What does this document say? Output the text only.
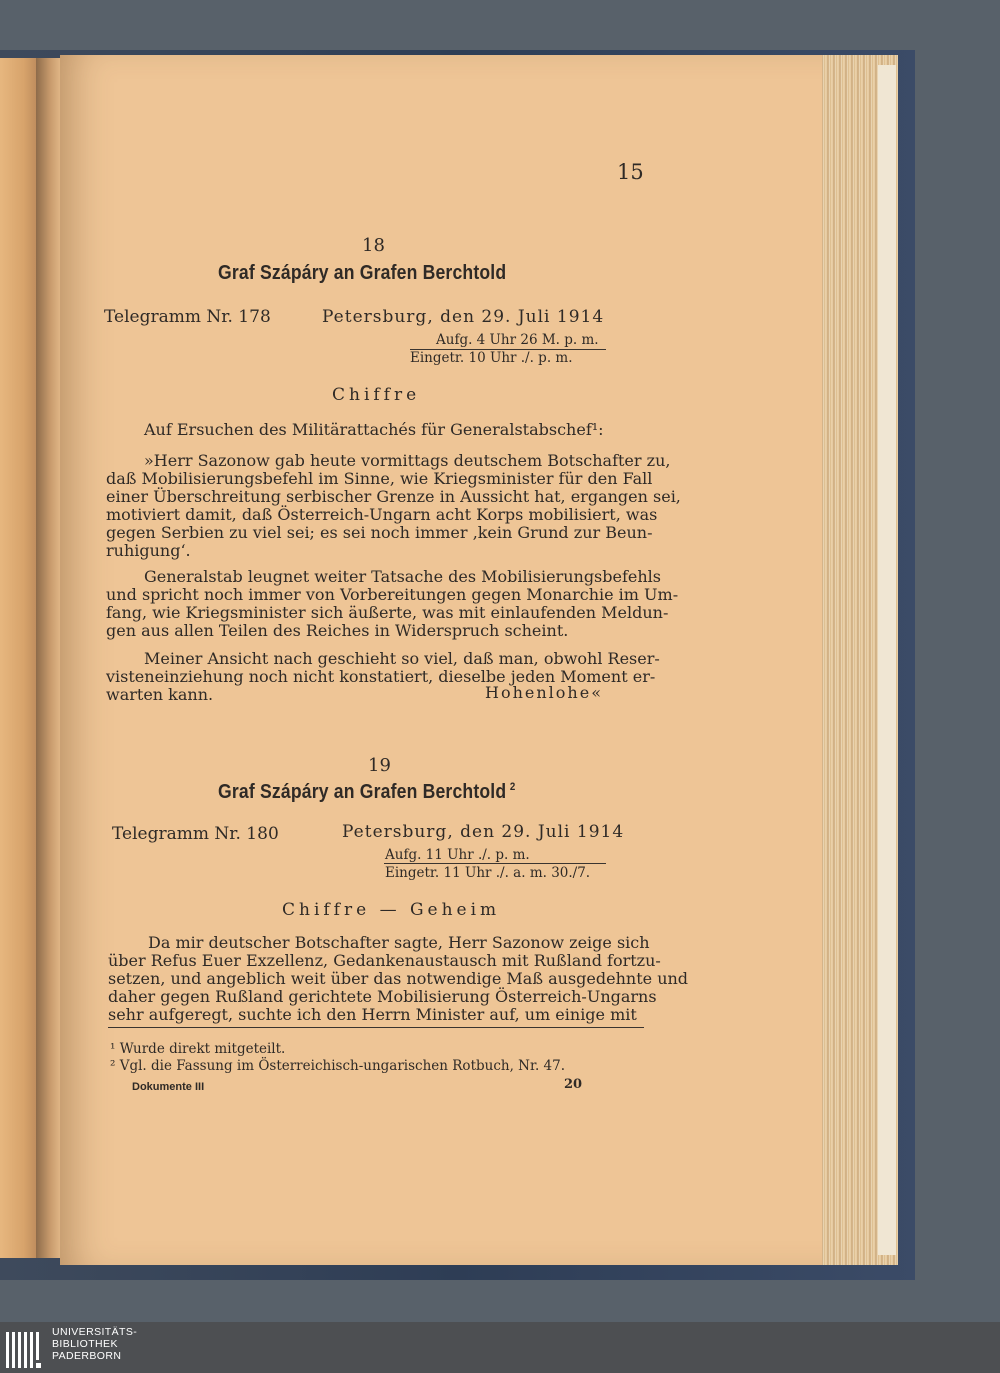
15
18
Graf Szápáry an Grafen Berchtold
Telegramm Nr. 178	Petersburg, den 29. Juli 1914
Aufg. 4 Uhr 26 M. p. m.
Eingetr. 10 Uhr ./. p. m.
Chiffre
Auf Ersuchen des Militärattachés für Generalstabschef¹:
»Herr Sazonow gab heute vormittags deutschem Botschafter zu,
daß Mobilisierungsbefehl im Sinne, wie Kriegsminister für den Fall
einer Überschreitung serbischer Grenze in Aussicht hat, ergangen sei,
motiviert damit, daß Österreich-Ungarn acht Korps mobilisiert, was
gegen Serbien zu viel sei; es sei noch immer ‚kein Grund zur Beun-
ruhigung‘.
Generalstab leugnet weiter Tatsache des Mobilisierungsbefehls
und spricht noch immer von Vorbereitungen gegen Monarchie im Um-
fang, wie Kriegsminister sich äußerte, was mit einlaufenden Meldun-
gen aus allen Teilen des Reiches in Widerspruch scheint.
Meiner Ansicht nach geschieht so viel, daß man, obwohl Reser-
visteneinziehung noch nicht konstatiert, dieselbe jeden Moment er-
warten kann.	Hohenlohe«
19
Graf Szápáry an Grafen Berchtold $^2$
Telegramm Nr. 180	Petersburg, den 29. Juli 1914
Aufg. 11 Uhr ./. p. m.
Eingetr. 11 Uhr ./. a. m. 30./7.
Chiffre — Geheim
Da mir deutscher Botschafter sagte, Herr Sazonow zeige sich
über Refus Euer Exzellenz, Gedankenaustausch mit Rußland fortzu-
setzen, und angeblich weit über das notwendige Maß ausgedehnte und
daher gegen Rußland gerichtete Mobilisierung Österreich-Ungarns
sehr aufgeregt, suchte ich den Herrn Minister auf, um einige mit
¹ Wurde direkt mitgeteilt.
² Vgl. die Fassung im Österreichisch-ungarischen Rotbuch, Nr. 47.
Dokumente III	20
UNIVERSITÄTS-
BIBLIOTHEK
PADERBORN
